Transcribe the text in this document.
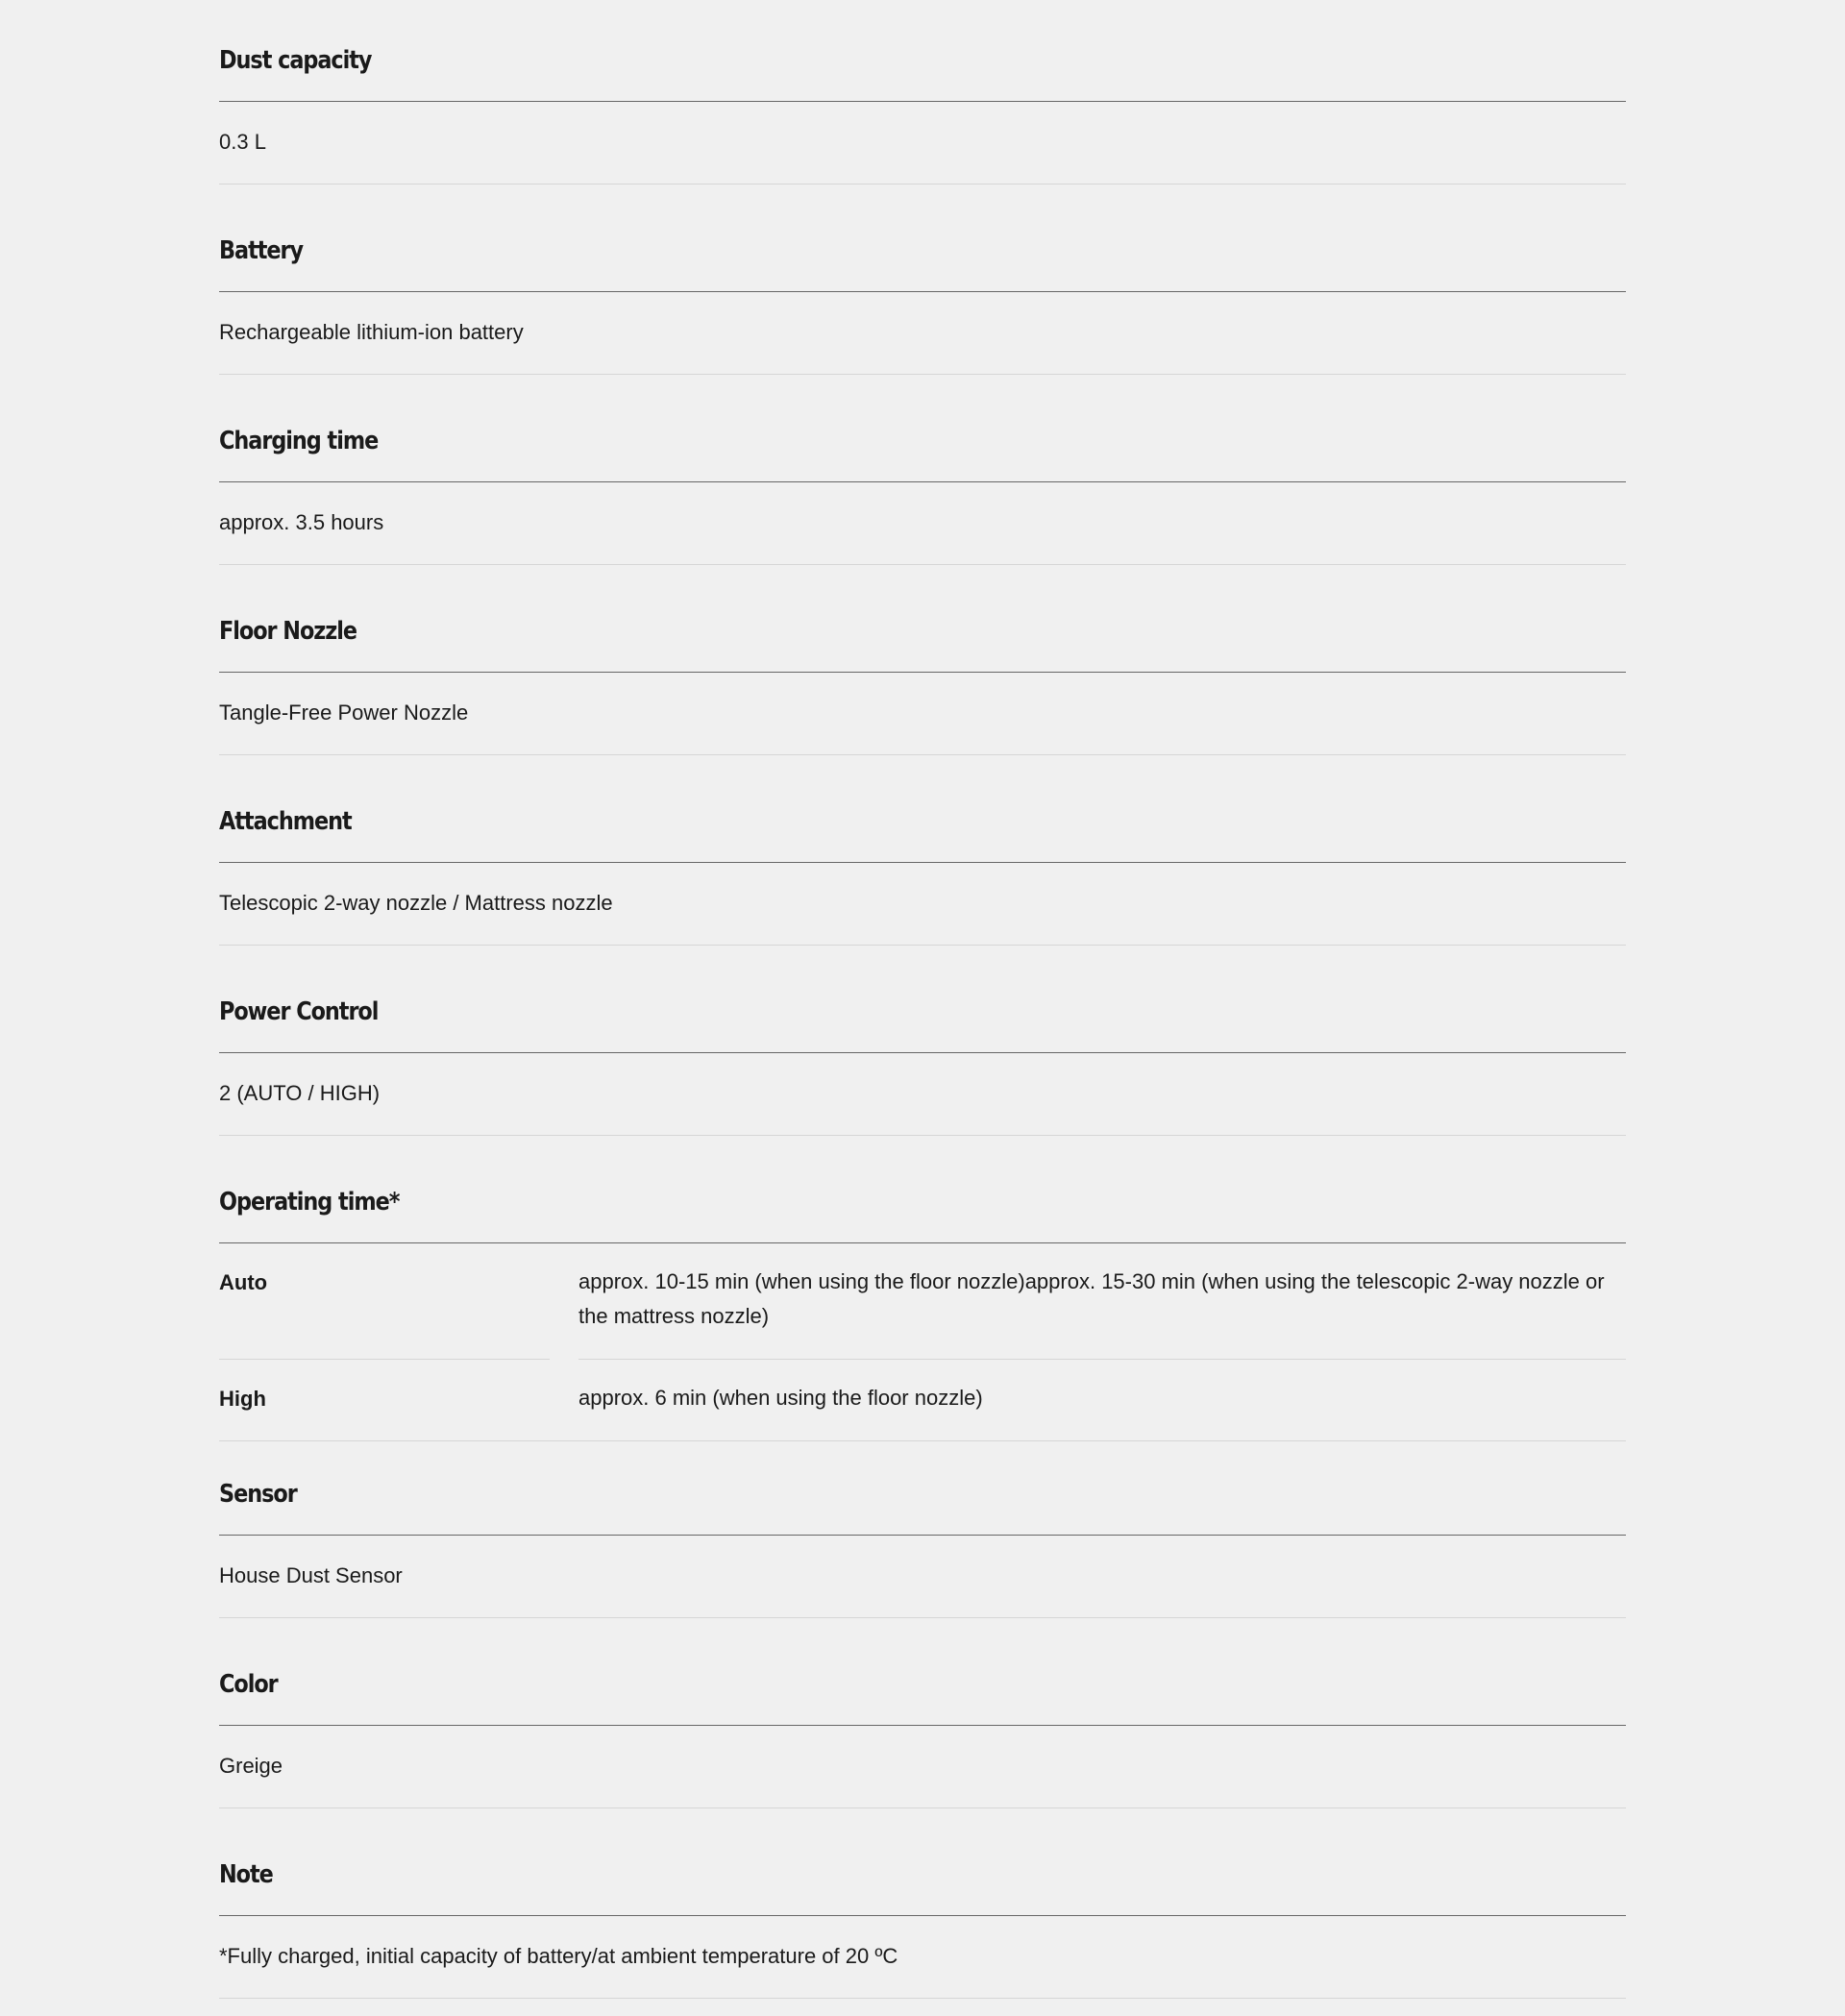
Dust capacity
0.3 L
Battery
Rechargeable lithium-ion battery
Charging time
approx. 3.5 hours
Floor Nozzle
Tangle-Free Power Nozzle
Attachment
Telescopic 2-way nozzle / Mattress nozzle
Power Control
2 (AUTO / HIGH)
Operating time*
Auto	approx. 10-15 min (when using the floor nozzle)approx. 15-30 min (when using the telescopic 2-way nozzle or the mattress nozzle)
High	approx. 6 min (when using the floor nozzle)
Sensor
House Dust Sensor
Color
Greige
Note
*Fully charged, initial capacity of battery/at ambient temperature of 20 ºC
